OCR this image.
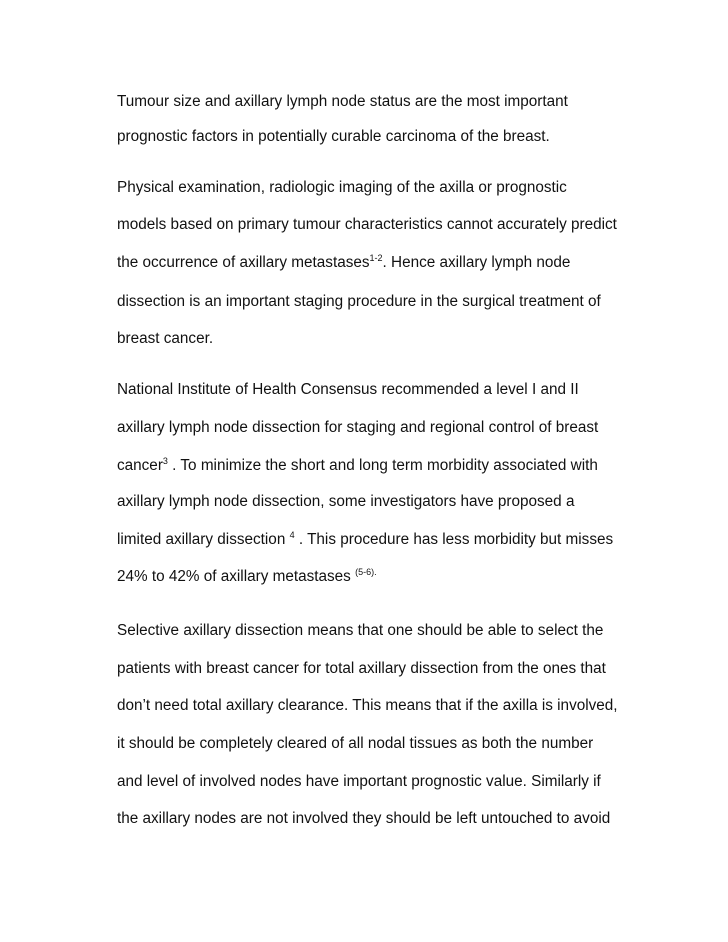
Tumour size and axillary lymph node status are the most important

prognostic factors in potentially curable carcinoma of the breast.

Physical examination, radiologic imaging of the axilla or prognostic

models based on primary tumour characteristics cannot accurately predict

the occurrence of axillary metastases$^{1-2}$. Hence axillary lymph node

dissection is an important staging procedure in the surgical treatment of

breast cancer.

National Institute of Health Consensus recommended a level I and II

axillary lymph node dissection for staging and regional control of breast

cancer$^3$ . To minimize the short and long term morbidity associated with

axillary lymph node dissection, some investigators have proposed a

limited axillary dissection $^4$ . This procedure has less morbidity but misses

24% to 42% of axillary metastases $^{(5-6).}$

Selective axillary dissection means that one should be able to select the

patients with breast cancer for total axillary dissection from the ones that

don’t need total axillary clearance. This means that if the axilla is involved,

it should be completely cleared of all nodal tissues as both the number

and level of involved nodes have important prognostic value. Similarly if

the axillary nodes are not involved they should be left untouched to avoid
